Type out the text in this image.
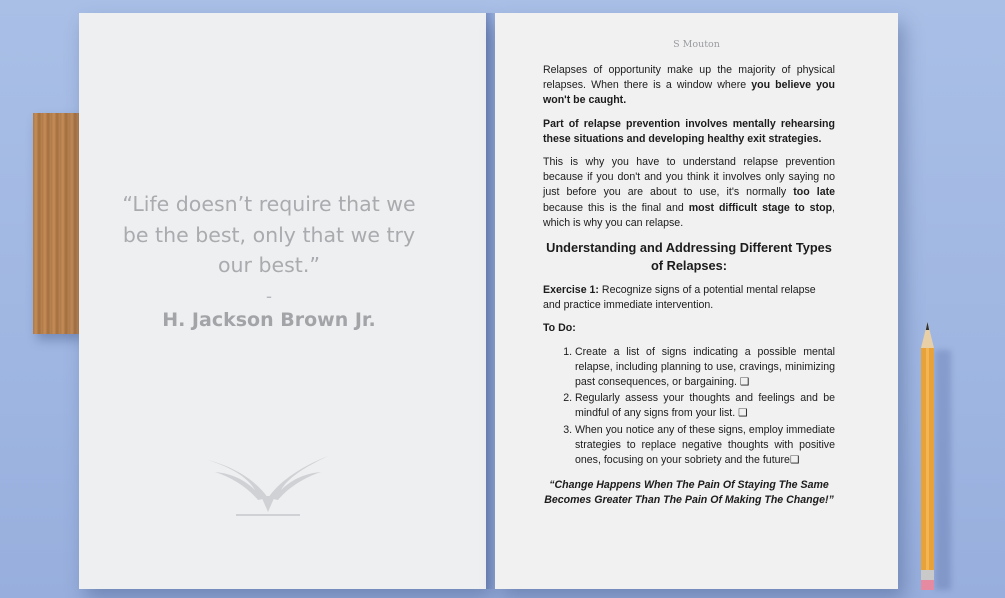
“Life doesn’t require that we be the best, only that we try our best.”
-
H. Jackson Brown Jr.
S Mouton

Relapses of opportunity make up the majority of physical relapses. When there is a window where you believe you won't be caught.

Part of relapse prevention involves mentally rehearsing these situations and developing healthy exit strategies.

This is why you have to understand relapse prevention because if you don't and you think it involves only saying no just before you are about to use, it's normally too late because this is the final and most difficult stage to stop, which is why you can relapse.

Understanding and Addressing Different Types of Relapses:

Exercise 1: Recognize signs of a potential mental relapse and practice immediate intervention.

To Do:

1. Create a list of signs indicating a possible mental relapse, including planning to use, cravings, minimizing past consequences, or bargaining. ❑
2. Regularly assess your thoughts and feelings and be mindful of any signs from your list. ❑
3. When you notice any of these signs, employ immediate strategies to replace negative thoughts with positive ones, focusing on your sobriety and the future❑

“Change Happens When The Pain Of Staying The Same Becomes Greater Than The Pain Of Making The Change!”
